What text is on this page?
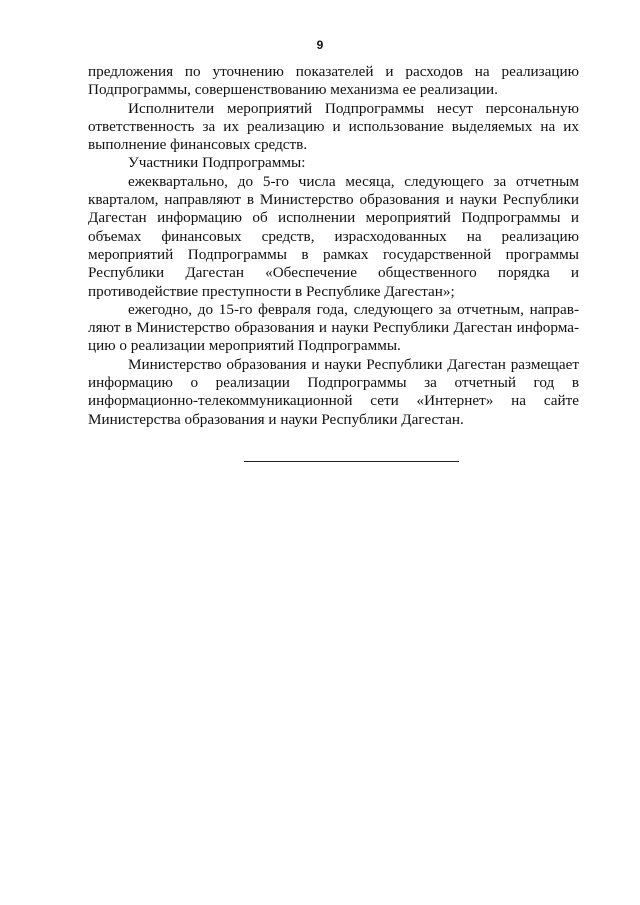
9
предложения по уточнению показателей и расходов на реализацию
Подпрограммы, совершенствованию механизма ее реализации.
Исполнители мероприятий Подпрограммы несут персональную
ответственность за их реализацию и использование выделяемых на их
выполнение финансовых средств.
Участники Подпрограммы:
ежеквартально, до 5-го числа месяца, следующего за отчетным
кварталом, направляют в Министерство образования и науки Республики
Дагестан информацию об исполнении мероприятий Подпрограммы и
объемах финансовых средств, израсходованных на реализацию
мероприятий Подпрограммы в рамках государственной программы
Республики Дагестан «Обеспечение общественного порядка и
противодействие преступности в Республике Дагестан»;
ежегодно, до 15-го февраля года, следующего за отчетным, направ-
ляют в Министерство образования и науки Республики Дагестан информа-
цию о реализации мероприятий Подпрограммы.
Министерство образования и науки Республики Дагестан размещает
информацию о реализации Подпрограммы за отчетный год в
информационно-телекоммуникационной сети «Интернет» на сайте
Министерства образования и науки Республики Дагестан.
